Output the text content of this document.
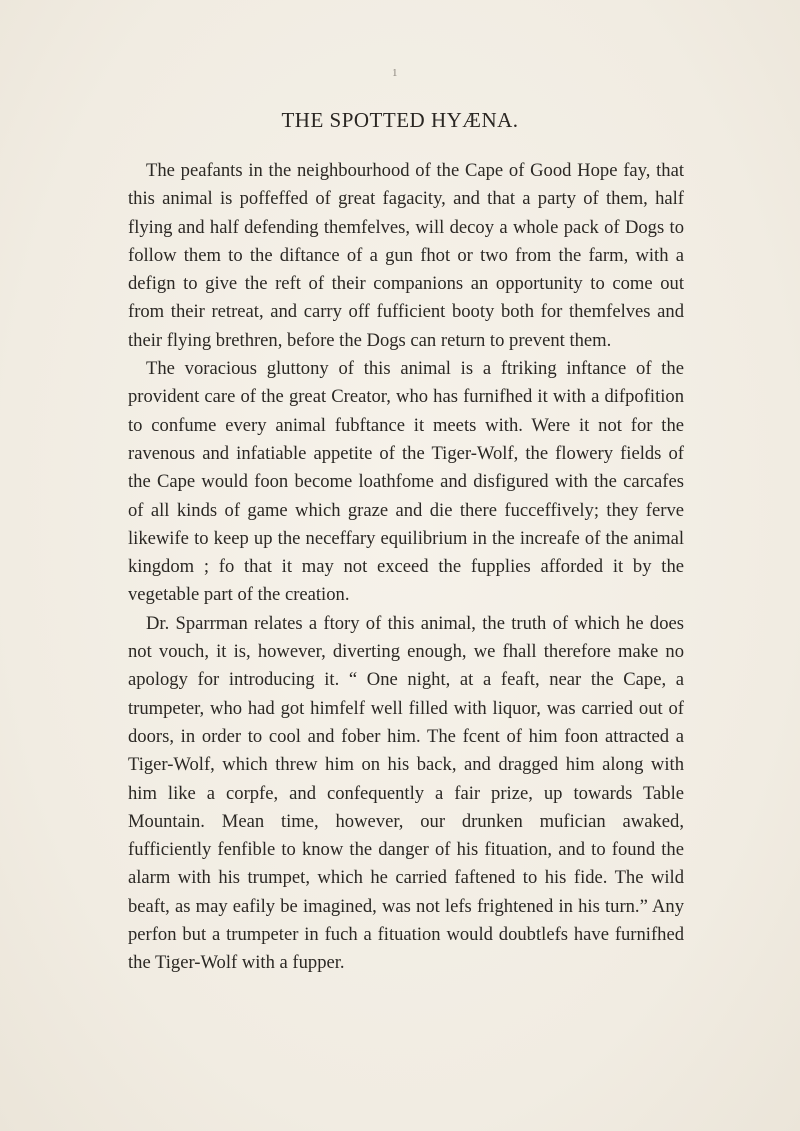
1
THE SPOTTED HYÆNA.

The peafants in the neighbourhood of the Cape of Good Hope fay, that this animal is poffeffed of great fagacity, and that a party of them, half flying and half defending themfelves, will decoy a whole pack of Dogs to follow them to the diftance of a gun fhot or two from the farm, with a defign to give the reft of their companions an opportunity to come out from their retreat, and carry off fufficient booty both for themfelves and their flying brethren, before the Dogs can return to prevent them.

The voracious gluttony of this animal is a ftriking inftance of the provident care of the great Creator, who has furnifhed it with a difpofition to confume every animal fubftance it meets with. Were it not for the ravenous and infatiable appetite of the Tiger-Wolf, the flowery fields of the Cape would foon become loathfome and disfigured with the carcafes of all kinds of game which graze and die there fucceffively; they ferve likewife to keep up the neceffary equilibrium in the increafe of the animal kingdom ; fo that it may not exceed the fupplies afforded it by the vegetable part of the creation.

Dr. Sparrman relates a ftory of this animal, the truth of which he does not vouch, it is, however, diverting enough, we fhall therefore make no apology for introducing it. “ One night, at a feaft, near the Cape, a trumpeter, who had got himfelf well filled with liquor, was carried out of doors, in order to cool and fober him. The fcent of him foon attracted a Tiger-Wolf, which threw him on his back, and dragged him along with him like a corpfe, and confequently a fair prize, up towards Table Mountain. Mean time, however, our drunken mufician awaked, fufficiently fenfible to know the danger of his fituation, and to found the alarm with his trumpet, which he carried faftened to his fide. The wild beaft, as may eafily be imagined, was not lefs frightened in his turn.” Any perfon but a trumpeter in fuch a fituation would doubtlefs have furnifhed the Tiger-Wolf with a fupper.
